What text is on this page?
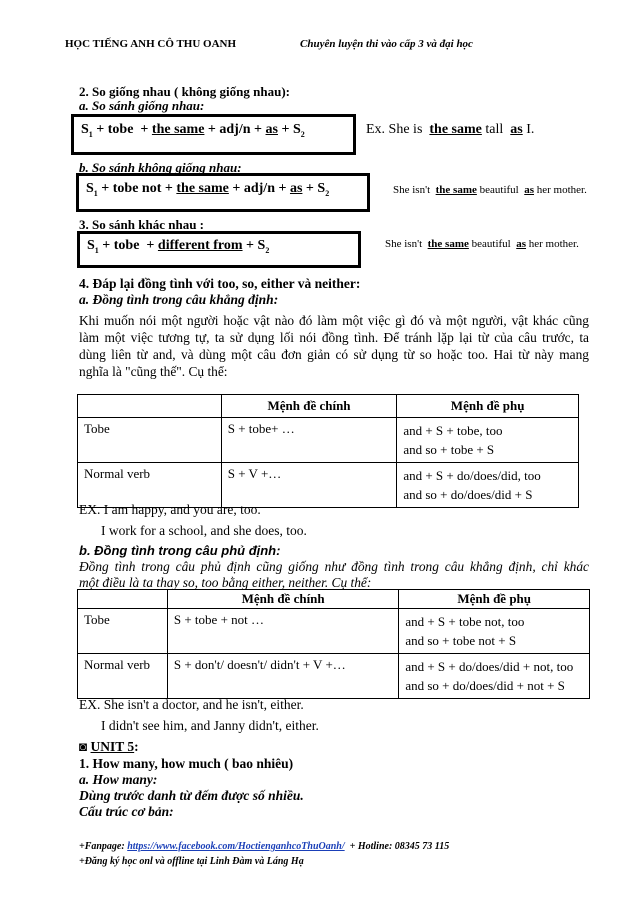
HỌC TIẾNG ANH CÔ THU OANH	Chuyên luyện thi vào cấp 3 và đại học
2. So giống nhau ( không giống nhau):
a. So sánh giống nhau:
$S_1$ + tobe  + the same + adj/n + as + $S_2$	Ex. She is  the same tall  as I.
b. So sánh không giống nhau:
$S_1$ + tobe not + the same + adj/n + as + $S_2$	She isn't  the same beautiful  as her mother.
3. So sánh khác nhau :
$S_1$ + tobe  + different from + $S_2$
She isn't  the same beautiful  as her mother.
4. Đáp lại đồng tình với too, so, either và neither:
a. Đồng tình trong câu khẳng định:

Khi muốn nói một người hoặc vật nào đó làm một việc gì đó và một người, vật khác cũng

làm một việc tương tự, ta sử dụng lối nói đồng tình. Để tránh lặp lại từ của câu trước, ta

dùng liên từ and, và dùng một câu đơn giản có sử dụng từ so hoặc too. Hai từ này mang

nghĩa là "cũng thế". Cụ thể:

	Mệnh đề chính	Mệnh đề phụ
Tobe	S + tobe+ …	and + S + tobe, too
and so + tobe + S

Normal verb	S + V +…	and + S + do/does/did, too
and so + do/does/did + S
EX. I am happy, and you are, too.
I work for a school, and she does, too.
b. Đồng tình trong câu phủ định:
Đồng tình trong câu phủ định cũng giống như đồng tình trong câu khẳng định, chỉ khác
một điều là ta thay so, too bằng either, neither. Cụ thể:
	Mệnh đề chính	Mệnh đề phụ
Tobe	S + tobe + not …	and + S + tobe not, too
and so + tobe not + S

Normal verb	S + don't/ doesn't/ didn't + V +…	and + S + do/does/did + not, too
and so + do/does/did + not + S
EX. She isn't a doctor, and he isn't, either.
I didn't see him, and Janny didn't, either.
◙ UNIT 5:
1. How many, how much ( bao nhiêu)
a. How many:
Dùng trước danh từ đếm được số nhiều.
Cấu trúc cơ bản:
+Fanpage: https://www.facebook.com/HoctienganhcoThuOanh/  + Hotline: 08345 73 115
+Đăng ký học onl và offline tại Linh Đàm và Láng Hạ
